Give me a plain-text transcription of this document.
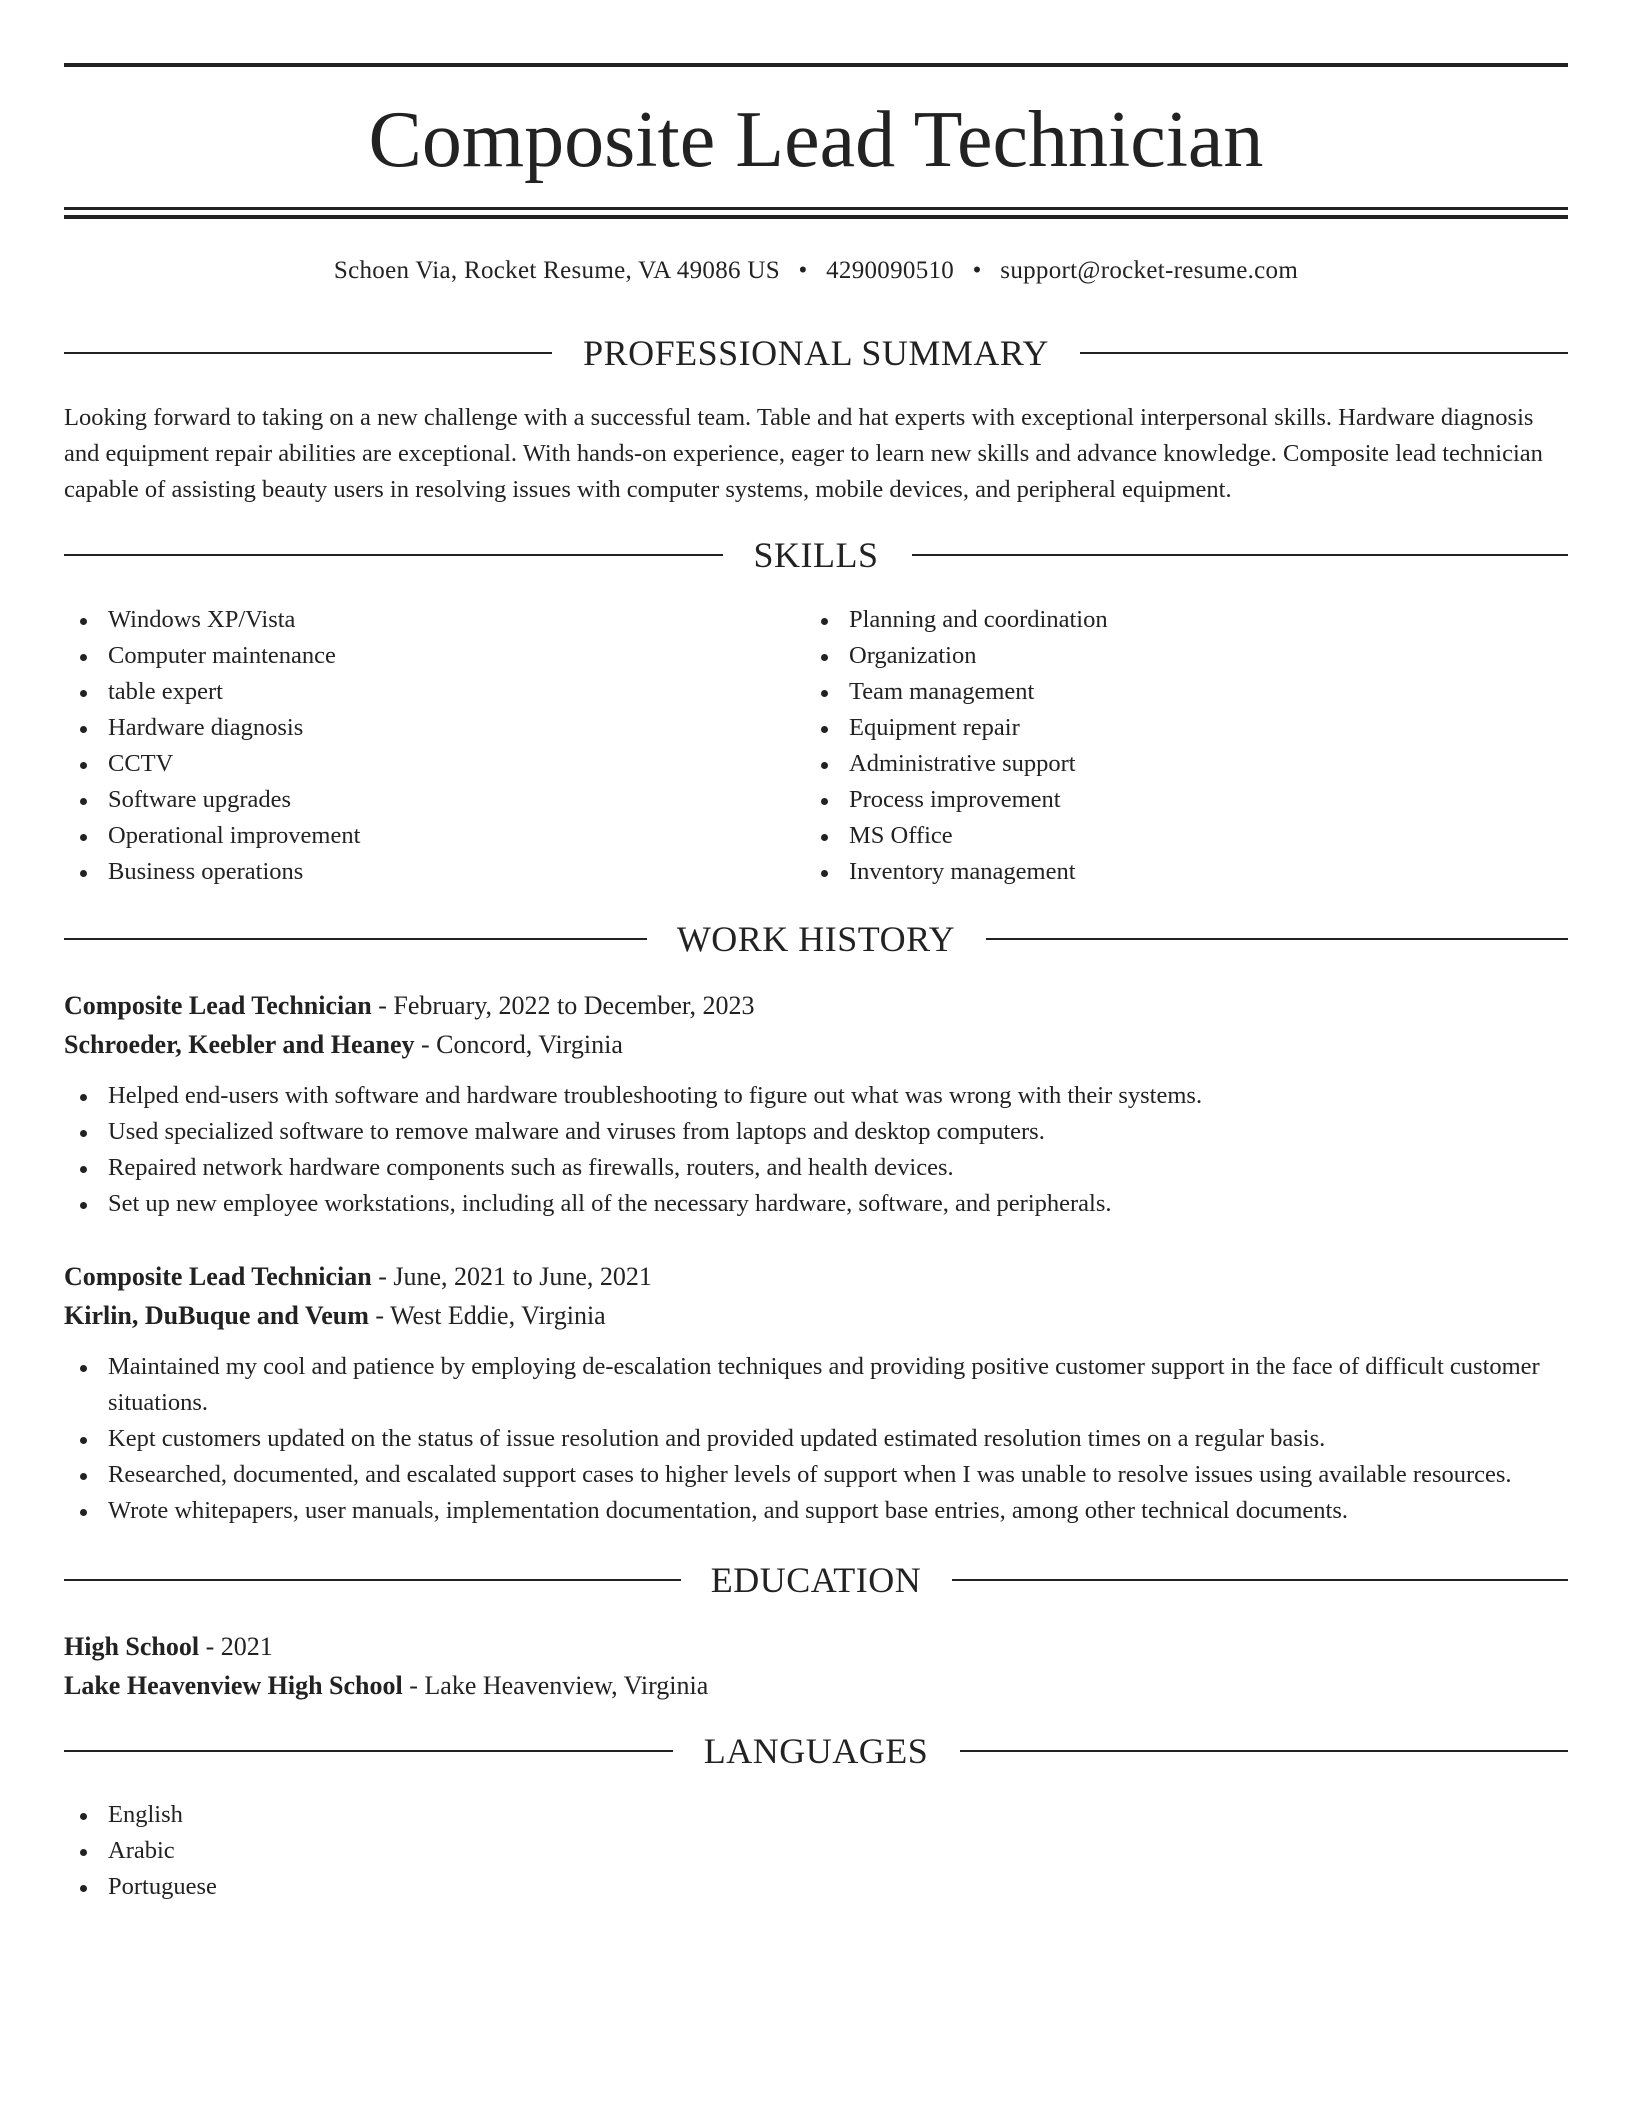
Composite Lead Technician
Schoen Via, Rocket Resume, VA 49086 US • 4290090510 • support@rocket-resume.com
PROFESSIONAL SUMMARY

Looking forward to taking on a new challenge with a successful team. Table and hat experts with exceptional interpersonal skills. Hardware diagnosis and equipment repair abilities are exceptional. With hands-on experience, eager to learn new skills and advance knowledge. Composite lead technician capable of assisting beauty users in resolving issues with computer systems, mobile devices, and peripheral equipment.

SKILLS
Windows XP/Vista
Computer maintenance
table expert
Hardware diagnosis
CCTV
Software upgrades
Operational improvement
Business operations
Planning and coordination
Organization
Team management
Equipment repair
Administrative support
Process improvement
MS Office
Inventory management
WORK HISTORY
Composite Lead Technician - February, 2022 to December, 2023
Schroeder, Keebler and Heaney - Concord, Virginia
Helped end-users with software and hardware troubleshooting to figure out what was wrong with their systems.
Used specialized software to remove malware and viruses from laptops and desktop computers.
Repaired network hardware components such as firewalls, routers, and health devices.
Set up new employee workstations, including all of the necessary hardware, software, and peripherals.
Composite Lead Technician - June, 2021 to June, 2021
Kirlin, DuBuque and Veum - West Eddie, Virginia
Maintained my cool and patience by employing de-escalation techniques and providing positive customer support in the face of difficult customer situations.
Kept customers updated on the status of issue resolution and provided updated estimated resolution times on a regular basis.
Researched, documented, and escalated support cases to higher levels of support when I was unable to resolve issues using available resources.
Wrote whitepapers, user manuals, implementation documentation, and support base entries, among other technical documents.
EDUCATION
High School - 2021
Lake Heavenview High School - Lake Heavenview, Virginia
LANGUAGES
English
Arabic
Portuguese
